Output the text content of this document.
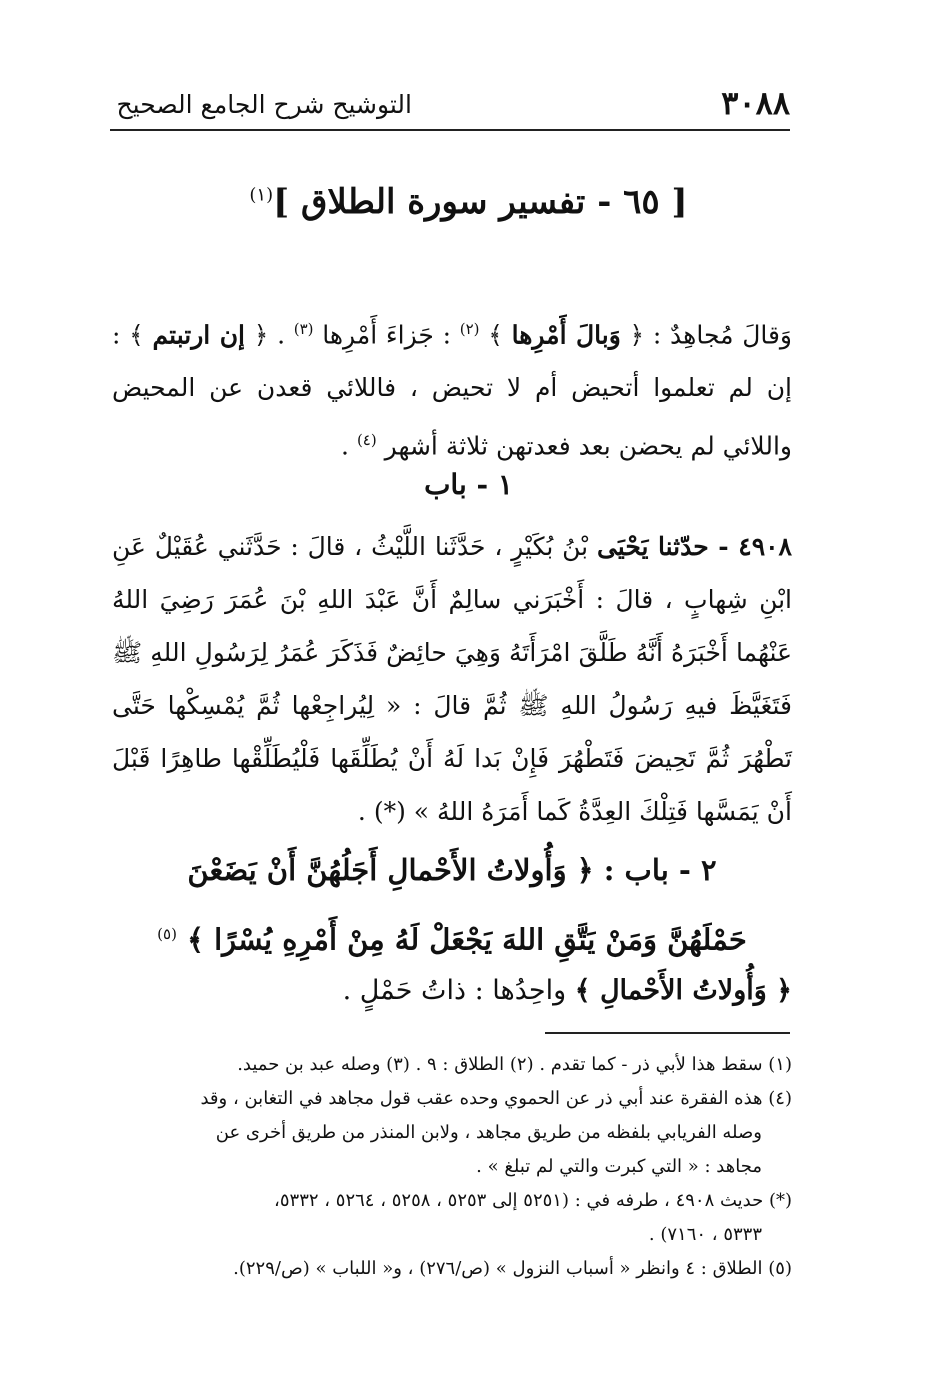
٣٠٨٨
التوشيح شرح الجامع الصحيح
[ ٦٥ - تفسير سورة الطلاق ]$^{(١)}$
وَقالَ مُجاهِدٌ : ﴿ وَبالَ أَمْرِها ﴾ $^{(٢)}$ : جَزاءَ أَمْرِها $^{(٣)}$ . ﴿ إن ارتبتم ﴾ : إن لم تعلموا أتحيض أم لا تحيض ، فاللائي قعدن عن المحيض واللائي لم يحضن بعد فعدتهن ثلاثة أشهر $^{(٤)}$ .
١ - باب
٤٩٠٨ - حدّثنا يَحْيَى بْنُ بُكَيْرٍ ، حَدَّثَنا اللَّيْثُ ، قالَ : حَدَّثَني عُقَيْلٌ عَنِ ابْنِ شِهابٍ ، قالَ : أَخْبَرَني سالِمٌ أَنَّ عَبْدَ اللهِ بْنَ عُمَرَ رَضِيَ اللهُ عَنْهُما أَخْبَرَهُ أَنَّهُ طَلَّقَ امْرَأَتَهُ وَهِيَ حائِضٌ فَذَكَرَ عُمَرُ لِرَسُولِ اللهِ ﷺ فَتَغَيَّظَ فيهِ رَسُولُ اللهِ ﷺ ثُمَّ قالَ : « لِيُراجِعْها ثُمَّ يُمْسِكْها حَتَّى تَطْهُرَ ثُمَّ تَحِيضَ فَتَطْهُرَ فَإِنْ بَدا لَهُ أَنْ يُطَلِّقَها فَلْيُطَلِّقْها طاهِرًا قَبْلَ أَنْ يَمَسَّها فَتِلْكَ العِدَّةُ كَما أَمَرَهُ اللهُ » (*) .
٢ - باب : ﴿ وَأُولاتُ الأَحْمالِ أَجَلُهُنَّ أَنْ يَضَعْنَ
حَمْلَهُنَّ وَمَنْ يَتَّقِ اللهَ يَجْعَلْ لَهُ مِنْ أَمْرِهِ يُسْرًا ﴾ $^{(٥)}$
﴿ وَأُولاتُ الأَحْمالِ ﴾ واحِدُها : ذاتُ حَمْلٍ .

(١) سقط هذا لأبي ذر - كما تقدم . (٢) الطلاق : ٩ . (٣) وصله عبد بن حميد.

(٤) هذه الفقرة عند أبي ذر عن الحموي وحده عقب قول مجاهد في التغابن ، وقد

وصله الفريابي بلفظه من طريق مجاهد ، ولابن المنذر من طريق أخرى عن

مجاهد : « التي كبرت والتي لم تبلغ » .

(*) حديث ٤٩٠٨ ، طرفه في : (٥٢٥١ إلى ٥٢٥٣ ، ٥٢٥٨ ، ٥٢٦٤ ، ٥٣٣٢،

٥٣٣٣ ، ٧١٦٠) .

(٥) الطلاق : ٤ وانظر « أسباب النزول » (ص/٢٧٦) ، و« اللباب » (ص/٢٢٩).
